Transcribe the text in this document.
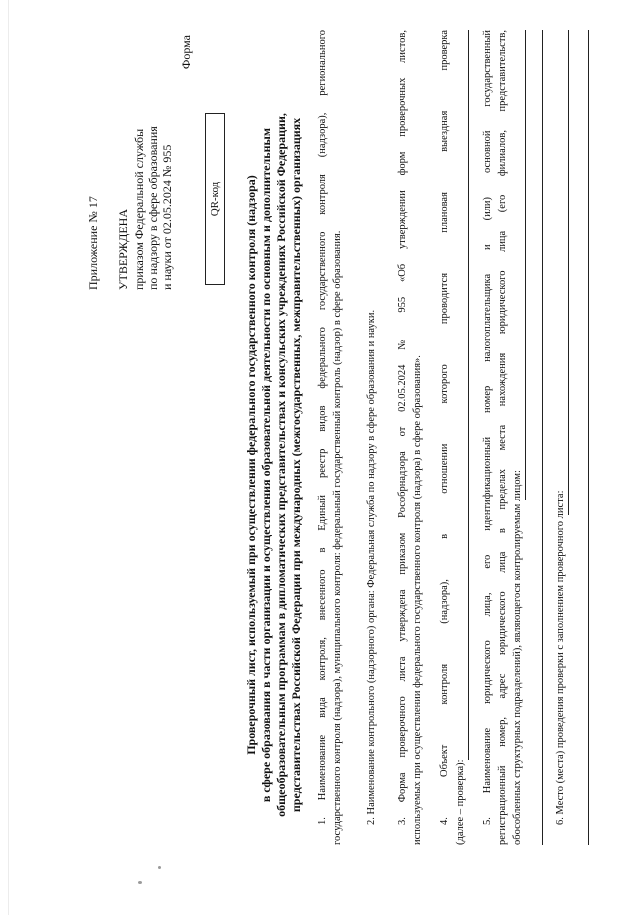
Приложение № 17 УТВЕРЖДЕНА приказом Федеральной службы по надзору в сфере образования и науки от 02.05.2024 № 955
Форма
QR-код	Проверочный лист, используемый при осуществлении федерального государственного контроля (надзора) в сфере образования в части организации и осуществления образовательной деятельности по основным и дополнительным общеобразовательным программам в дипломатических представительствах и консульских учреждениях Российской Федерации, представительствах Российской Федерации при международных (межгосударственных, межправительственных) организациях 1. Наименование вида контроля, внесенного в Единый реестр видов федерального государственного контроля (надзора), регионального государственного контроля (надзора), муниципального контроля: федеральный государственный контроль (надзор) в сфере образования. 2. Наименование контрольного (надзорного) органа: Федеральная служба по надзору в сфере образования и науки. 3. Форма проверочного листа утверждена приказом Рособрнадзора от 02.05.2024 № 955 «Об утверждении форм проверочных листов, используемых при осуществлении федерального государственного контроля (надзора) в сфере образования». 4. Объект контроля (надзора), в отношении которого проводится плановая выездная проверка (далее – проверка): 5. Наименование юридического лица, его идентификационный номер налогоплательщика и (или) основной государственный регистрационный номер, адрес юридического лица в пределах места нахождения юридического лица (его филиалов, представительств, обособленных структурных подразделений), являющегося контролируемым лицом:	6. Место (места) проведения проверки с заполнением проверочного листа:
